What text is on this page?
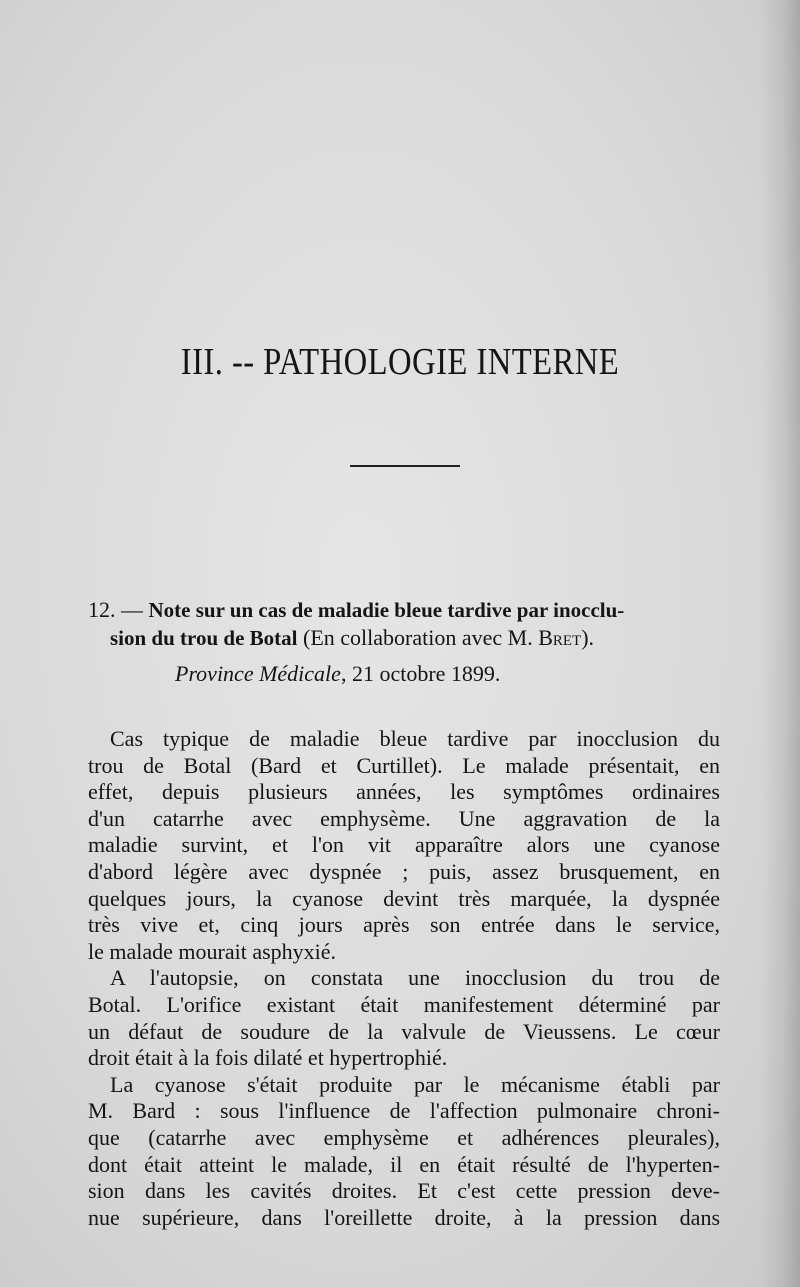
III. -- PATHOLOGIE INTERNE
12. — Note sur un cas de maladie bleue tardive par inocclu-
sion du trou de Botal (En collaboration avec M. Bret).
Province Médicale, 21 octobre 1899.
Cas typique de maladie bleue tardive par inocclusion du
trou de Botal (Bard et Curtillet). Le malade présentait, en
effet, depuis plusieurs années, les symptômes ordinaires
d'un catarrhe avec emphysème. Une aggravation de la
maladie survint, et l'on vit apparaître alors une cyanose
d'abord légère avec dyspnée ; puis, assez brusquement, en
quelques jours, la cyanose devint très marquée, la dyspnée
très vive et, cinq jours après son entrée dans le service,
le malade mourait asphyxié.
A l'autopsie, on constata une inocclusion du trou de
Botal. L'orifice existant était manifestement déterminé par
un défaut de soudure de la valvule de Vieussens. Le cœur
droit était à la fois dilaté et hypertrophié.
La cyanose s'était produite par le mécanisme établi par
M. Bard : sous l'influence de l'affection pulmonaire chroni-
que (catarrhe avec emphysème et adhérences pleurales),
dont était atteint le malade, il en était résulté de l'hyperten-
sion dans les cavités droites. Et c'est cette pression deve-
nue supérieure, dans l'oreillette droite, à la pression dans
